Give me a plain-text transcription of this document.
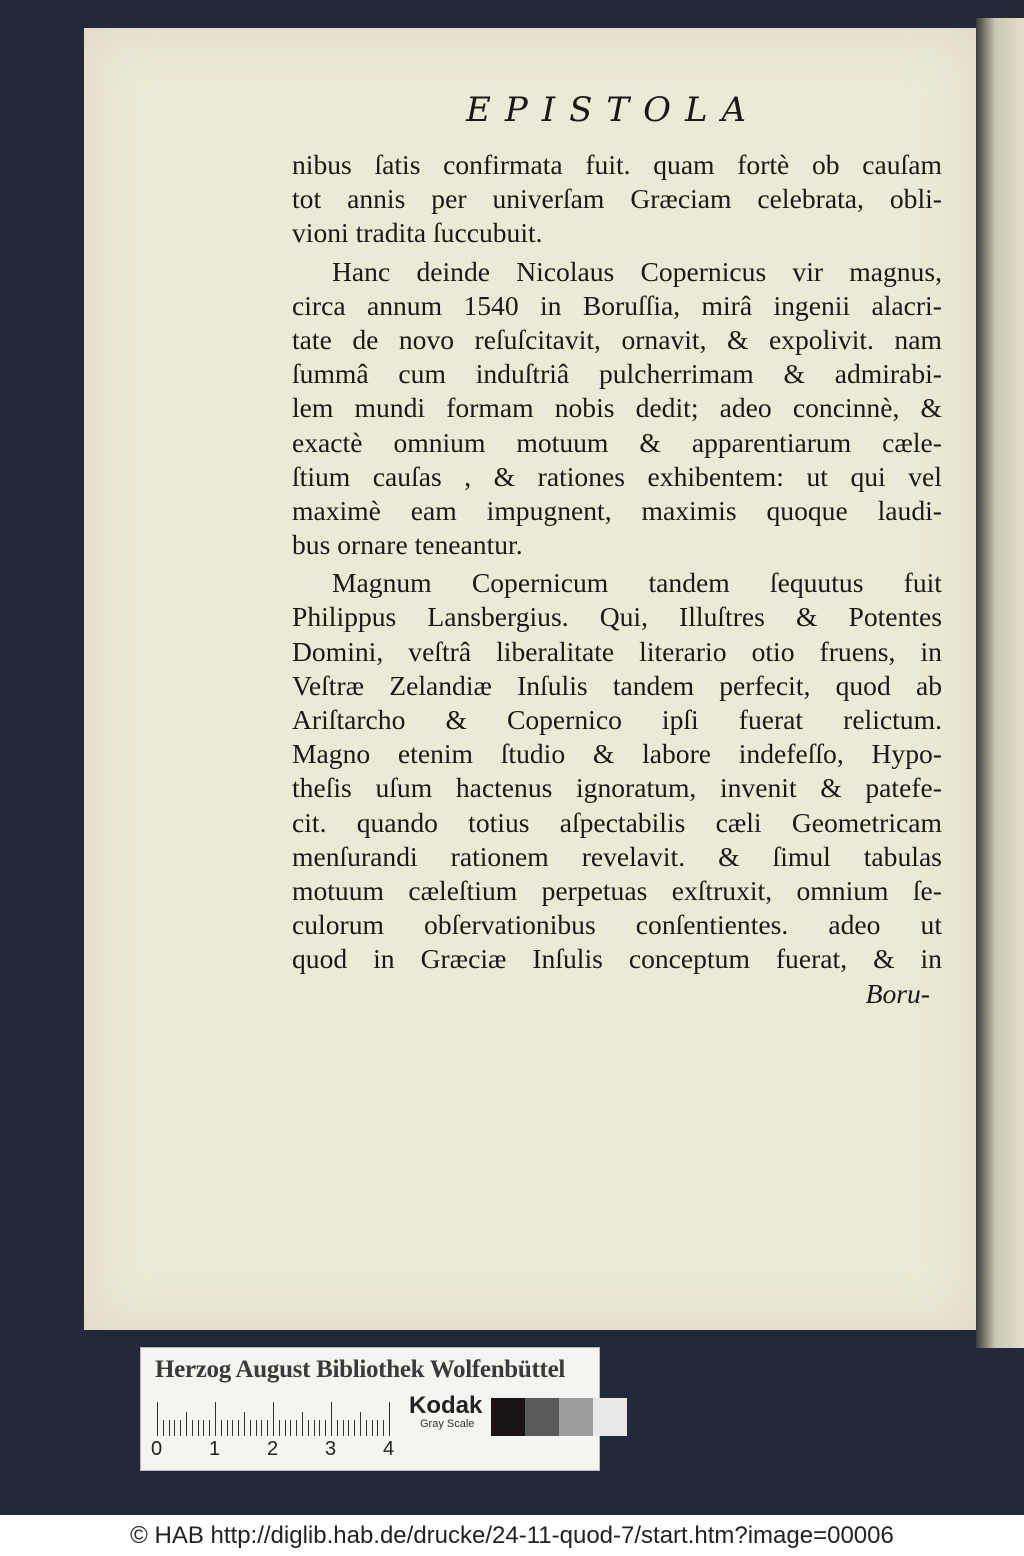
EPISTOLA
nibus ſatis confirmata fuit. quam fortè ob cauſam
tot annis per univerſam Græciam celebrata, obli-
vioni tradita ſuccubuit.
Hanc deinde Nicolaus Copernicus vir magnus,
circa annum 1540 in Boruſſia, mirâ ingenii alacri-
tate de novo reſuſcitavit, ornavit, & expolivit. nam
ſummâ cum induſtriâ pulcherrimam & admirabi-
lem mundi formam nobis dedit; adeo concinnè, &
exactè omnium motuum & apparentiarum cæle-
ſtium cauſas , & rationes exhibentem: ut qui vel
maximè eam impugnent, maximis quoque laudi-
bus ornare teneantur.
Magnum Copernicum tandem ſequutus fuit
Philippus Lansbergius. Qui, Illuſtres & Potentes
Domini, veſtrâ liberalitate literario otio fruens, in
Veſtræ Zelandiæ Inſulis tandem perfecit, quod ab
Ariſtarcho & Copernico ipſi fuerat relictum.
Magno etenim ſtudio & labore indefeſſo, Hypo-
theſis uſum hactenus ignoratum, invenit & patefe-
cit. quando totius aſpectabilis cæli Geometricam
menſurandi rationem revelavit. & ſimul tabulas
motuum cæleſtium perpetuas exſtruxit, omnium ſe-
culorum obſervationibus conſentientes. adeo ut
quod in Græciæ Inſulis conceptum fuerat, & in
Boru-
Herzog August Bibliothek Wolfenbüttel
0 1 2 3 4
Kodak
Gray Scale
© HAB http://diglib.hab.de/drucke/24-11-quod-7/start.htm?image=00006
